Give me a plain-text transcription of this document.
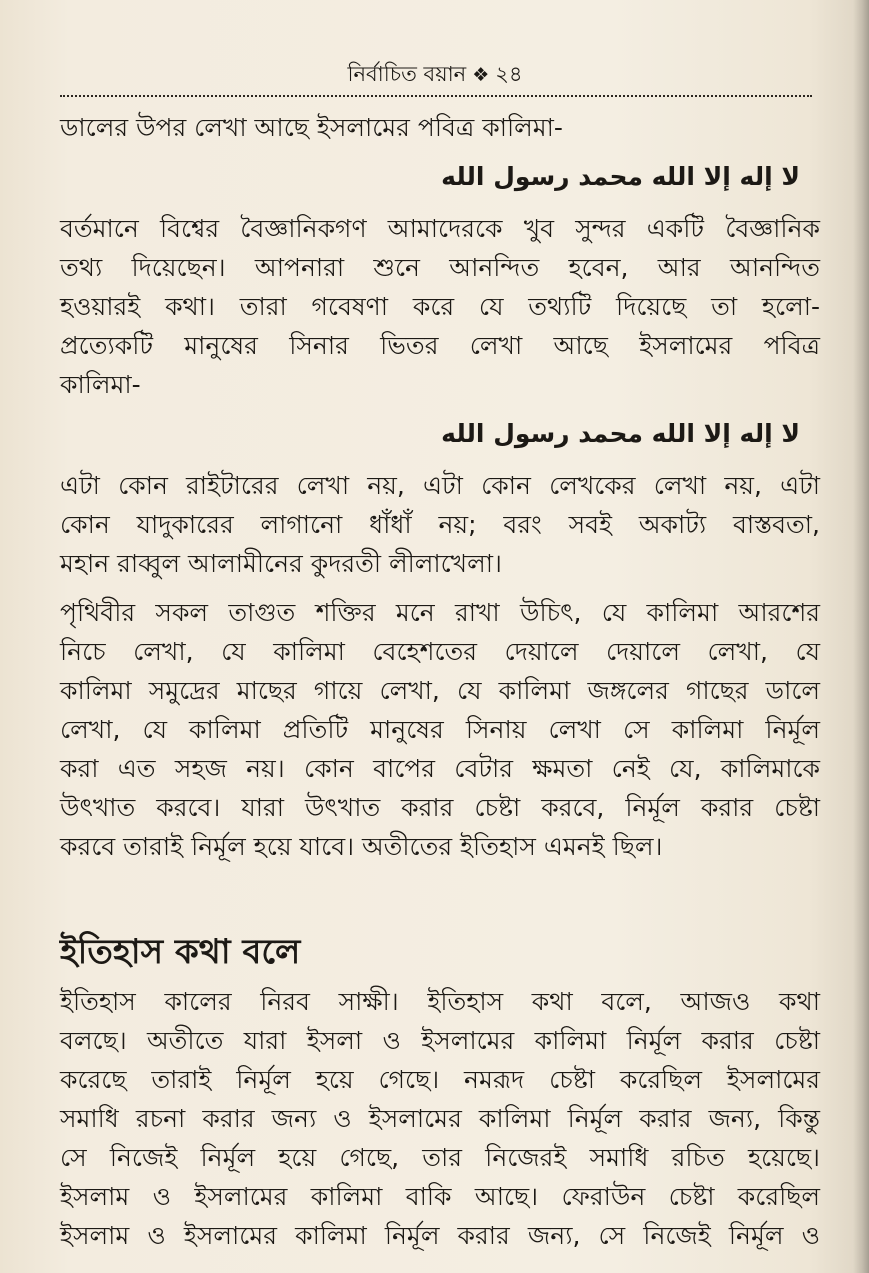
নির্বাচিত বয়ান ❖ ২৪
ডালের উপর লেখা আছে ইসলামের পবিত্র কালিমা-
لا إله إلا الله محمد رسول الله
বর্তমানে বিশ্বের বৈজ্ঞানিকগণ আমাদেরকে খুব সুন্দর একটি বৈজ্ঞানিক
তথ্য দিয়েছেন। আপনারা শুনে আনন্দিত হবেন, আর আনন্দিত
হওয়ারই কথা। তারা গবেষণা করে যে তথ্যটি দিয়েছে তা হলো-
প্রত্যেকটি মানুষের সিনার ভিতর লেখা আছে ইসলামের পবিত্র
কালিমা-
لا إله إلا الله محمد رسول الله
এটা কোন রাইটারের লেখা নয়, এটা কোন লেখকের লেখা নয়, এটা
কোন যাদুকারের লাগানো ধাঁধাঁ নয়; বরং সবই অকাট্য বাস্তবতা,
মহান রাব্বুল আলামীনের কুদরতী লীলাখেলা।
পৃথিবীর সকল তাগুত শক্তির মনে রাখা উচিৎ, যে কালিমা আরশের
নিচে লেখা, যে কালিমা বেহেশতের দেয়ালে দেয়ালে লেখা, যে
কালিমা সমুদ্রের মাছের গায়ে লেখা, যে কালিমা জঙ্গলের গাছের ডালে
লেখা, যে কালিমা প্রতিটি মানুষের সিনায় লেখা সে কালিমা নির্মূল
করা এত সহজ নয়। কোন বাপের বেটার ক্ষমতা নেই যে, কালিমাকে
উৎখাত করবে। যারা উৎখাত করার চেষ্টা করবে, নির্মূল করার চেষ্টা
করবে তারাই নির্মূল হয়ে যাবে। অতীতের ইতিহাস এমনই ছিল।
ইতিহাস কথা বলে
ইতিহাস কালের নিরব সাক্ষী। ইতিহাস কথা বলে, আজও কথা
বলছে। অতীতে যারা ইসলা ও ইসলামের কালিমা নির্মূল করার চেষ্টা
করেছে তারাই নির্মূল হয়ে গেছে। নমরূদ চেষ্টা করেছিল ইসলামের
সমাধি রচনা করার জন্য ও ইসলামের কালিমা নির্মূল করার জন্য, কিন্তু
সে নিজেই নির্মূল হয়ে গেছে, তার নিজেরই সমাধি রচিত হয়েছে।
ইসলাম ও ইসলামের কালিমা বাকি আছে। ফেরাউন চেষ্টা করেছিল
ইসলাম ও ইসলামের কালিমা নির্মূল করার জন্য, সে নিজেই নির্মূল ও
